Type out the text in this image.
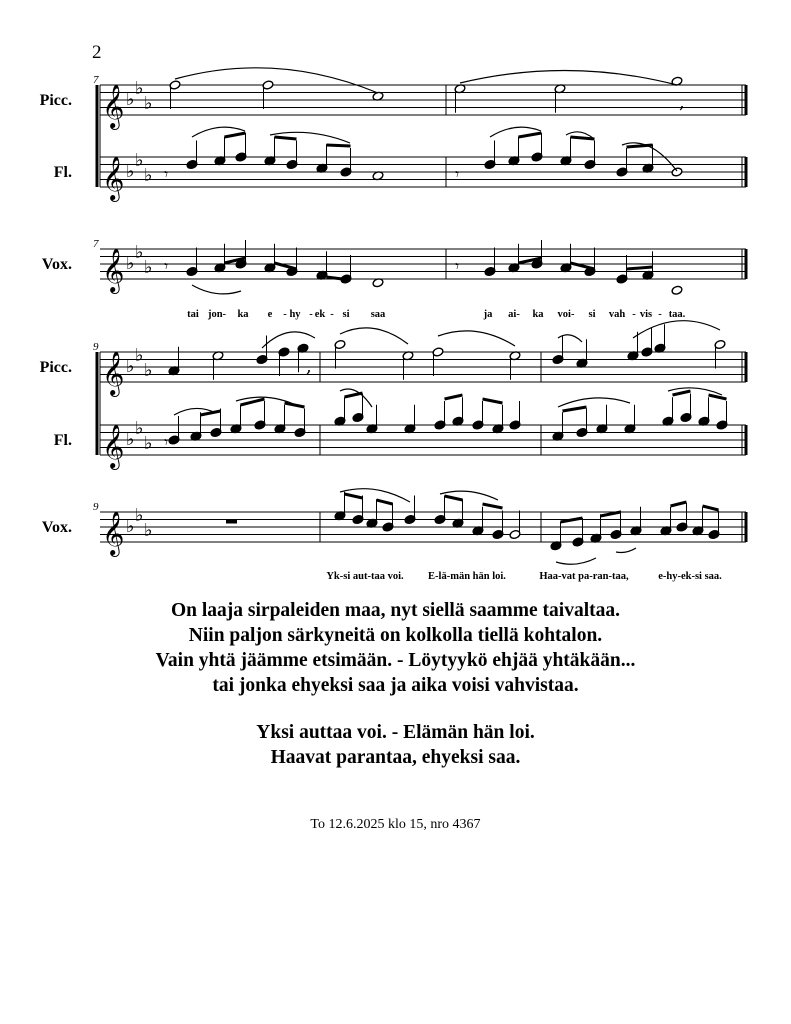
2
7
𝄞 ♭
♭
♭
Picc.
𝄞 ♭
♭
♭
Fl.
𝄞 ♭
♭
♭
Vox.
7
9
𝄞 ♭
♭
♭
Picc.
𝄞 ♭
♭
♭
Fl.
𝄞 ♭
♭
♭
Vox.
9
𝄾	𝄾
𝄾	𝄾
tai jon- ka e - hy - ek - si saa	ja ai- ka voi- si vah - vis - taa.
𝄾
Yk-si aut-taa voi. E-lä-män hän loi.	Haa-vat pa-ran-taa,	e-hy-ek-si saa.
,
,
On laaja sirpaleiden maa, nyt siellä saamme taivaltaa.
Niin paljon särkyneitä on kolkolla tiellä kohtalon.
Vain yhtä jäämme etsimään. - Löytyykö ehjää yhtäkään...
tai jonka ehyeksi saa ja aika voisi vahvistaa.
Yksi auttaa voi. - Elämän hän loi.
Haavat parantaa, ehyeksi saa.
To 12.6.2025 klo 15, nro 4367
